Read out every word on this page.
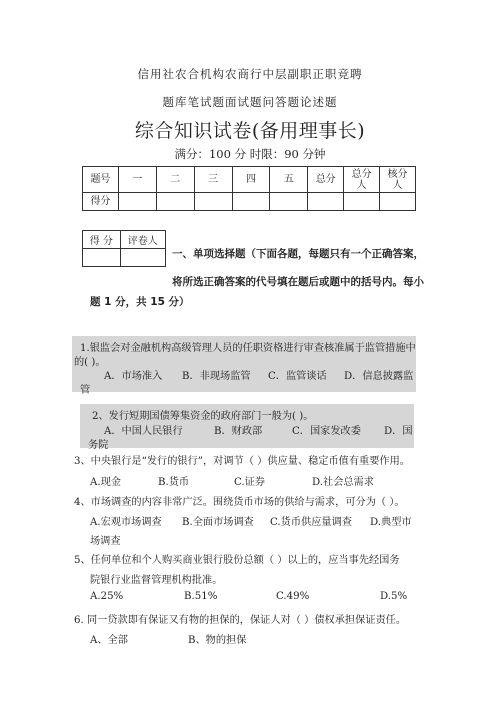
信用社农合机构农商行中层副职正职竞聘
题库笔试题面试题问答题论述题
综合知识试卷(备用理事长)
满分：100 分 时限：90 分钟
题号	一	二	三	四	五	总分	总分人	核分人
得分								
得 分	评卷人

一、单项选择题（下面各题，每题只有一个正确答案，
将所选正确答案的代号填在题后或题中的括号内。每小
题 1 分，共 15 分）
1.银监会对金融机构高级管理人员的任职资格进行审查核准属于监管措施中
的( )。
A．市场准入 B．非现场监管 C．监管谈话 D．信息披露监
管
2、发行短期国债筹集资金的政府部门一般为( )。
A．中国人民银行	B．财政部	C．国家发改委 D．国
务院
3、中央银行是“发行的银行”，对调节（ ）供应量、稳定币值有重要作用。
A.现金	B.货币	C.证券	D.社会总需求
4、市场调查的内容非常广泛。围绕货币市场的供给与需求，可分为（ ）。
A.宏观市场调查 B.全面市场调查 C.货币供应量调查 D.典型市
场调查
5、任何单位和个人购买商业银行股份总额（ ）以上的，应当事先经国务
院银行业监督管理机构批准。
A.25%	B.51%	C.49%	D.5%
6. 同一贷款即有保证又有物的担保的，保证人对（ ）债权承担保证责任。
A、全部	B、物的担保
